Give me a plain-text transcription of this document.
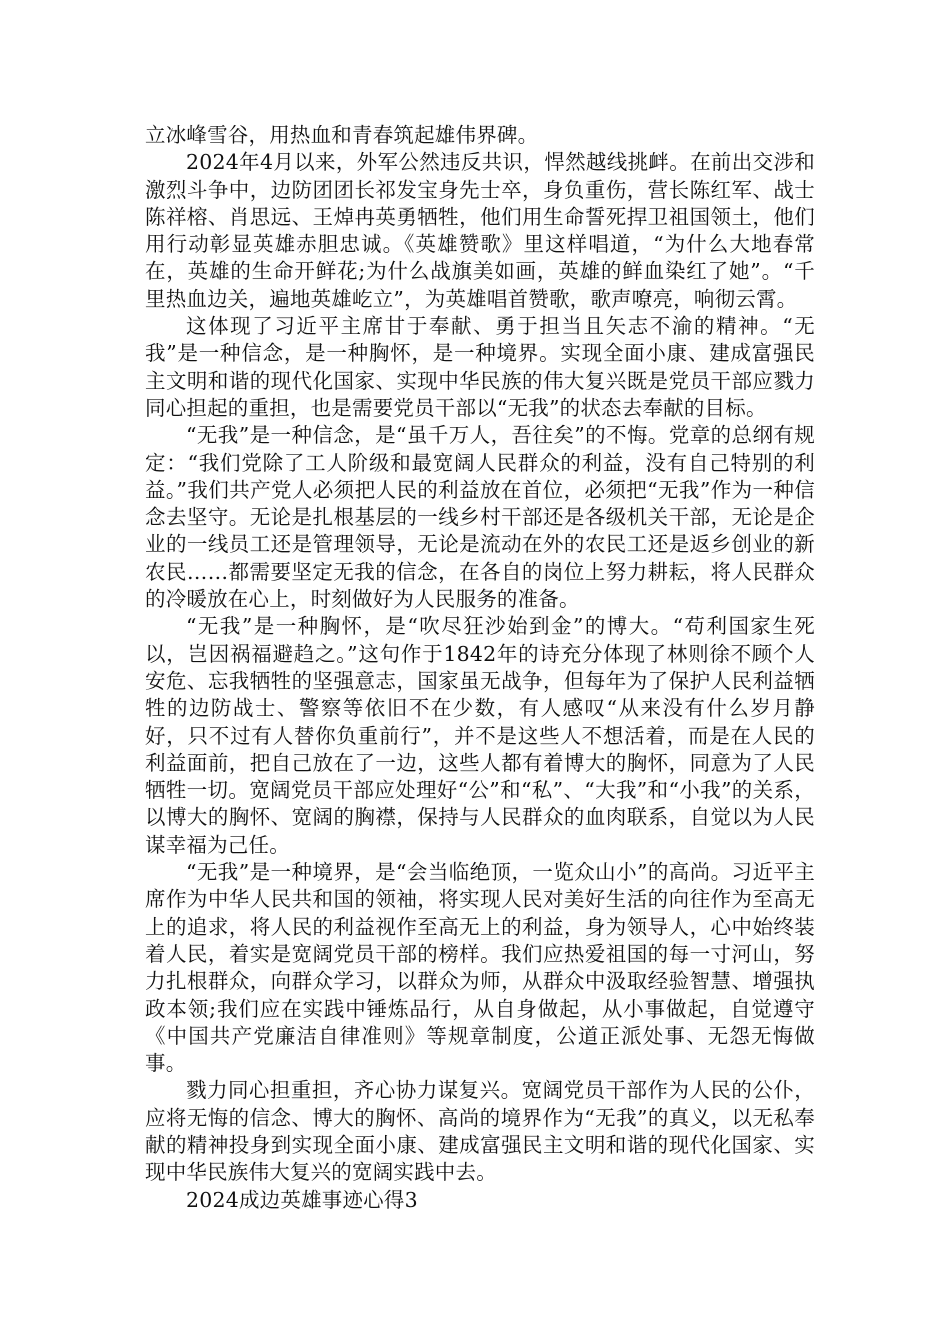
立冰峰雪谷，用热血和青春筑起雄伟界碑。

2024年4月以来，外军公然违反共识，悍然越线挑衅。在前出交涉和激烈斗争中，边防团团长祁发宝身先士卒，身负重伤，营长陈红军、战士陈祥榕、肖思远、王焯冉英勇牺牲，他们用生命誓死捍卫祖国领土，他们用行动彰显英雄赤胆忠诚。《英雄赞歌》里这样唱道，“为什么大地春常在，英雄的生命开鲜花;为什么战旗美如画，英雄的鲜血染红了她”。“千里热血边关，遍地英雄屹立”，为英雄唱首赞歌，歌声嘹亮，响彻云霄。

这体现了习近平主席甘于奉献、勇于担当且矢志不渝的精神。“无我”是一种信念，是一种胸怀，是一种境界。实现全面小康、建成富强民主文明和谐的现代化国家、实现中华民族的伟大复兴既是党员干部应戮力同心担起的重担，也是需要党员干部以“无我”的状态去奉献的目标。

“无我”是一种信念，是“虽千万人，吾往矣”的不悔。党章的总纲有规定：“我们党除了工人阶级和最宽阔人民群众的利益，没有自己特别的利益。”我们共产党人必须把人民的利益放在首位，必须把“无我”作为一种信念去坚守。无论是扎根基层的一线乡村干部还是各级机关干部，无论是企业的一线员工还是管理领导，无论是流动在外的农民工还是返乡创业的新农民……都需要坚定无我的信念，在各自的岗位上努力耕耘，将人民群众的冷暖放在心上，时刻做好为人民服务的准备。

“无我”是一种胸怀，是“吹尽狂沙始到金”的博大。“苟利国家生死以，岂因祸福避趋之。”这句作于1842年的诗充分体现了林则徐不顾个人安危、忘我牺牲的坚强意志，国家虽无战争，但每年为了保护人民利益牺牲的边防战士、警察等依旧不在少数，有人感叹“从来没有什么岁月静好，只不过有人替你负重前行”，并不是这些人不想活着，而是在人民的利益面前，把自己放在了一边，这些人都有着博大的胸怀，同意为了人民牺牲一切。宽阔党员干部应处理好“公”和“私”、“大我”和“小我”的关系，以博大的胸怀、宽阔的胸襟，保持与人民群众的血肉联系，自觉以为人民谋幸福为己任。

“无我”是一种境界，是“会当临绝顶，一览众山小”的高尚。习近平主席作为中华人民共和国的领袖，将实现人民对美好生活的向往作为至高无上的追求，将人民的利益视作至高无上的利益，身为领导人，心中始终装着人民，着实是宽阔党员干部的榜样。我们应热爱祖国的每一寸河山，努力扎根群众，向群众学习，以群众为师，从群众中汲取经验智慧、增强执政本领;我们应在实践中锤炼品行，从自身做起，从小事做起，自觉遵守《中国共产党廉洁自律准则》等规章制度，公道正派处事、无怨无悔做事。

戮力同心担重担，齐心协力谋复兴。宽阔党员干部作为人民的公仆，应将无悔的信念、博大的胸怀、高尚的境界作为“无我”的真义，以无私奉献的精神投身到实现全面小康、建成富强民主文明和谐的现代化国家、实现中华民族伟大复兴的宽阔实践中去。

2024成边英雄事迹心得3
